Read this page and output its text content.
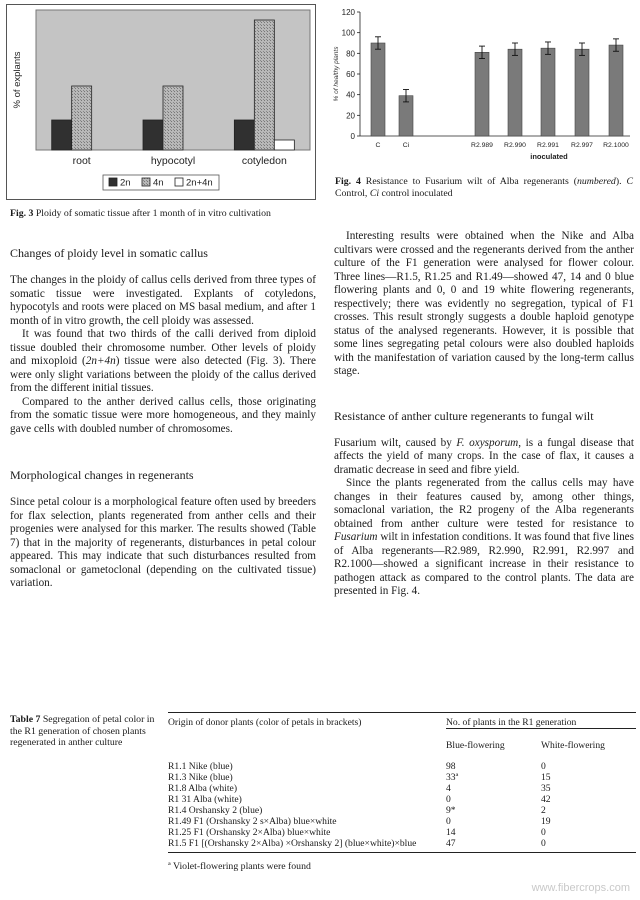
root	hypocotyl	cotyledon
% of explants
2n 4n 2n+4n

Fig. 3 Ploidy of somatic tissue after 1 month of in vitro cultivation

0
20
40
60
80
100
120
% of healthy plants
C	Ci	R2.989 R2.990 R2.991 R2.997 R2.1000
inoculated

Fig. 4 Resistance to Fusarium wilt of Alba regenerants (numbered). C Control, Ci control inoculated

Changes of ploidy level in somatic callus

The changes in the ploidy of callus cells derived from three types of somatic tissue were investigated. Explants of cotyledons, hypocotyls and roots were placed on MS basal medium, and after 1 month of in vitro growth, the cell ploidy was assessed.

It was found that two thirds of the calli derived from diploid tissue doubled their chromosome number. Other levels of ploidy and mixoploid (2n+4n) tissue were also detected (Fig. 3). There were only slight variations between the ploidy of the callus derived from the different initial tissues.

Compared to the anther derived callus cells, those originating from the somatic tissue were more homogeneous, and they mainly gave cells with doubled number of chromosomes.

Morphological changes in regenerants

Since petal colour is a morphological feature often used by breeders for flax selection, plants regenerated from anther cells and their progenies were analysed for this marker. The results showed (Table 7) that in the majority of regenerants, disturbances in petal colour appeared. This may indicate that such disturbances resulted from somaclonal or gametoclonal (depending on the cultivated tissue) variation.

Interesting results were obtained when the Nike and Alba cultivars were crossed and the regenerants derived from the anther culture of the F1 generation were analysed for flower colour. Three lines—R1.5, R1.25 and R1.49—showed 47, 14 and 0 blue flowering plants and 0, 0 and 19 white flowering regenerants, respectively; there was evidently no segregation, typical of F1 crosses. This result strongly suggests a double haploid genotype status of the analysed regenerants. However, it is possible that some lines segregating petal colours were also doubled haploids with the manifestation of variation caused by the long-term callus stage.

Resistance of anther culture regenerants to fungal wilt

Fusarium wilt, caused by F. oxysporum, is a fungal disease that affects the yield of many crops. In the case of flax, it causes a dramatic decrease in seed and fibre yield.

Since the plants regenerated from the callus cells may have changes in their features caused by, among other things, somaclonal variation, the R2 progeny of the Alba regenerants obtained from anther culture were tested for resistance to Fusarium wilt in infestation conditions. It was found that five lines of Alba regenerants—R2.989, R2.990, R2.991, R2.997 and R2.1000—showed a significant increase in their resistance to pathogen attack as compared to the control plants. The data are presented in Fig. 4.

Table 7 Segregation of petal color in the R1 generation of chosen plants regenerated in anther culture

Origin of donor plants (color of petals in brackets)	No. of plants in the R1 generation	
	Blue-flowering	White-flowering
R1.1 Nike (blue)	98	0
R1.3 Nike (blue)	33ª	15
R1.8 Alba (white)	4	35
R1 31 Alba (white)	0	42
R1.4 Orshansky 2 (blue)	9*	2
R1.49 F1 (Orshansky 2 s×Alba) blue×white	0	19
R1.25 F1 (Orshansky 2×Alba) blue×white	14	0
R1.5 F1 [(Orshansky 2×Alba) ×Orshansky 2] (blue×white)×blue	47	0

ª Violet-flowering plants were found

www.fibercrops.com
